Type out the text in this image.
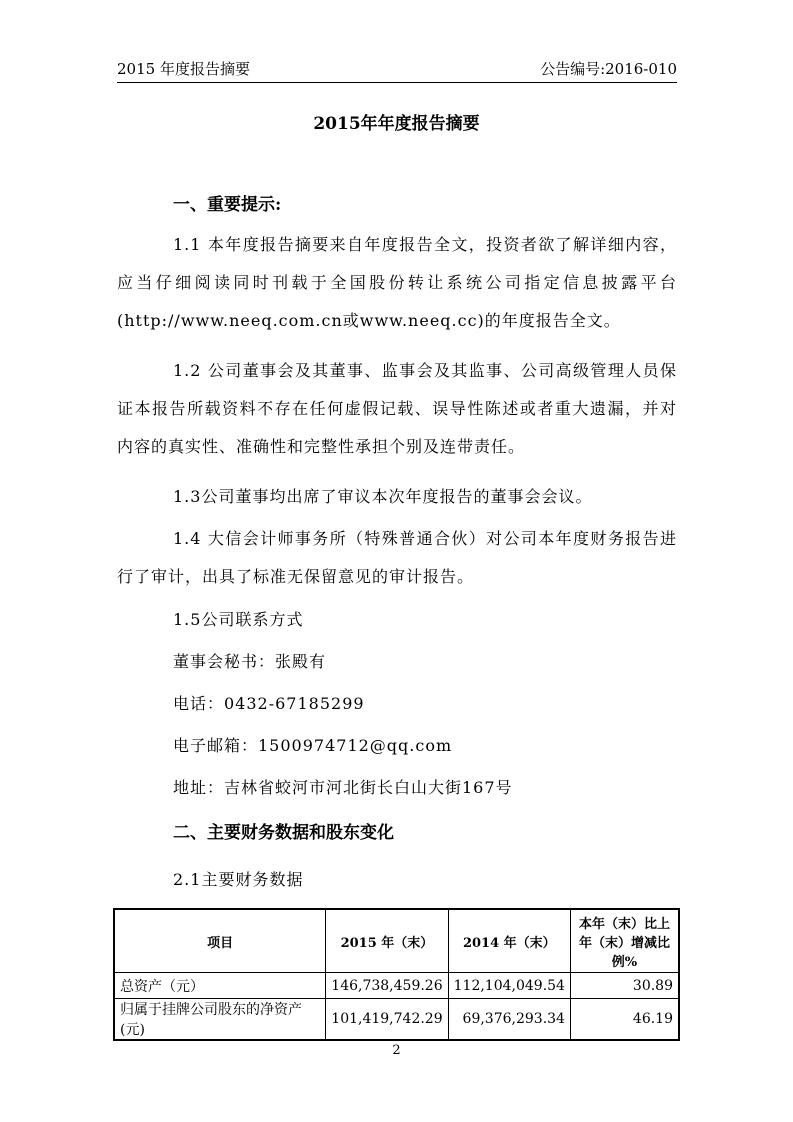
2015 年度报告摘要	公告编号:2016-010
2015年年度报告摘要
一、重要提示:
1.1 本年度报告摘要来自年度报告全文，投资者欲了解详细内容，应当仔细阅读同时刊载于全国股份转让系统公司指定信息披露平台(http://www.neeq.com.cn或www.neeq.cc)的年度报告全文。
1.2 公司董事会及其董事、监事会及其监事、公司高级管理人员保证本报告所载资料不存在任何虚假记载、误导性陈述或者重大遗漏，并对内容的真实性、准确性和完整性承担个别及连带责任。
1.3公司董事均出席了审议本次年度报告的董事会会议。
1.4 大信会计师事务所（特殊普通合伙）对公司本年度财务报告进行了审计，出具了标准无保留意见的审计报告。
1.5公司联系方式
董事会秘书：张殿有
电话：0432-67185299
电子邮箱：1500974712@qq.com
地址：吉林省蛟河市河北街长白山大街167号
二、主要财务数据和股东变化
2.1主要财务数据
项目	2015 年（末）	2014 年（末）	本年（末）比上年（末）增减比例%
总资产（元）	146,738,459.26	112,104,049.54	30.89
归属于挂牌公司股东的净资产(元)	101,419,742.29	69,376,293.34	46.19
2
